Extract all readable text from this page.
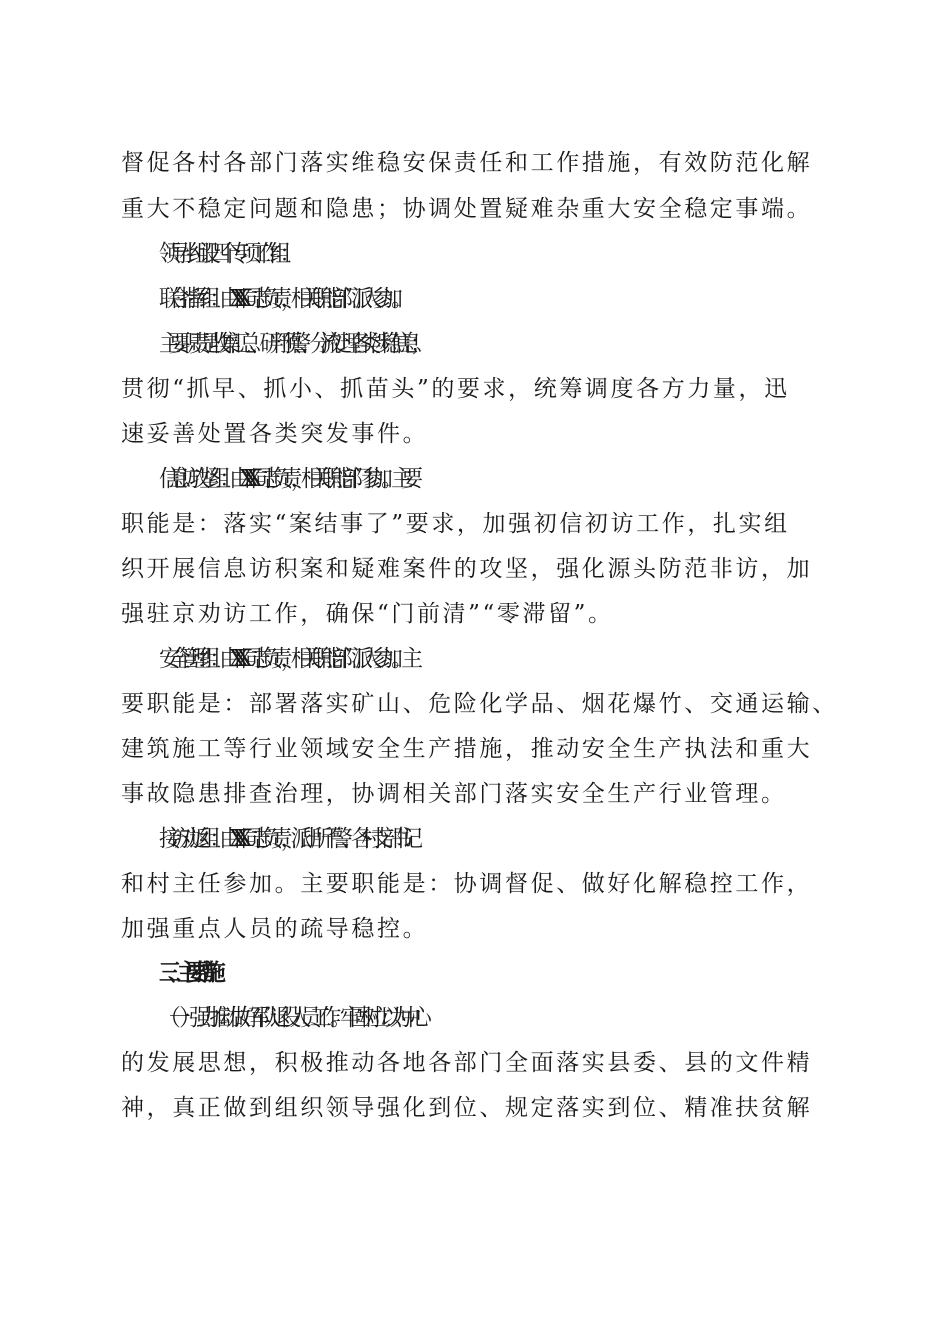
督促各村各部门落实维稳安保责任和工作措施，有效防范化解
重大不稳定问题和隐患；协调处置疑难杂重大安全稳定事端。
领导小组设四个专项工作组：
联合指挥组：由XXX同志负责，相关职能部门派人参加。
主要职责是收集汇总、研判预警、分流处理各类涉稳信息；
贯彻“抓早、抓小、抓苗头”的要求，统筹调度各方力量，迅
速妥善处置各类突发事件。
信息访攻坚组：由XXX同志负责，相关职能部门参加。主要
职能是：落实“案结事了”要求，加强初信初访工作，扎实组
织开展信息访积案和疑难案件的攻坚，强化源头防范非访，加
强驻京劝访工作，确保“门前清”“零滞留”。
安全管理组：由XXX同志负责，相关职能部门派人参加。主
要职能是：部署落实矿山、危险化学品、烟花爆竹、交通运输、
建筑施工等行业领域安全生产措施，推动安全生产执法和重大
事故隐患排查治理，协调相关部门落实安全生产行业管理。
接访劝返组：由XXX同志负责，派出所干警、各村支部书记
和村主任参加。主要职能是：协调督促、做好化解稳控工作，
加强重点人员的疏导稳控。
三、主要措施
（一）强力推动做好军队退役人员工作。牢固树立以为中心
的发展思想，积极推动各地各部门全面落实县委、县的文件精
神，真正做到组织领导强化到位、规定落实到位、精准扶贫解
